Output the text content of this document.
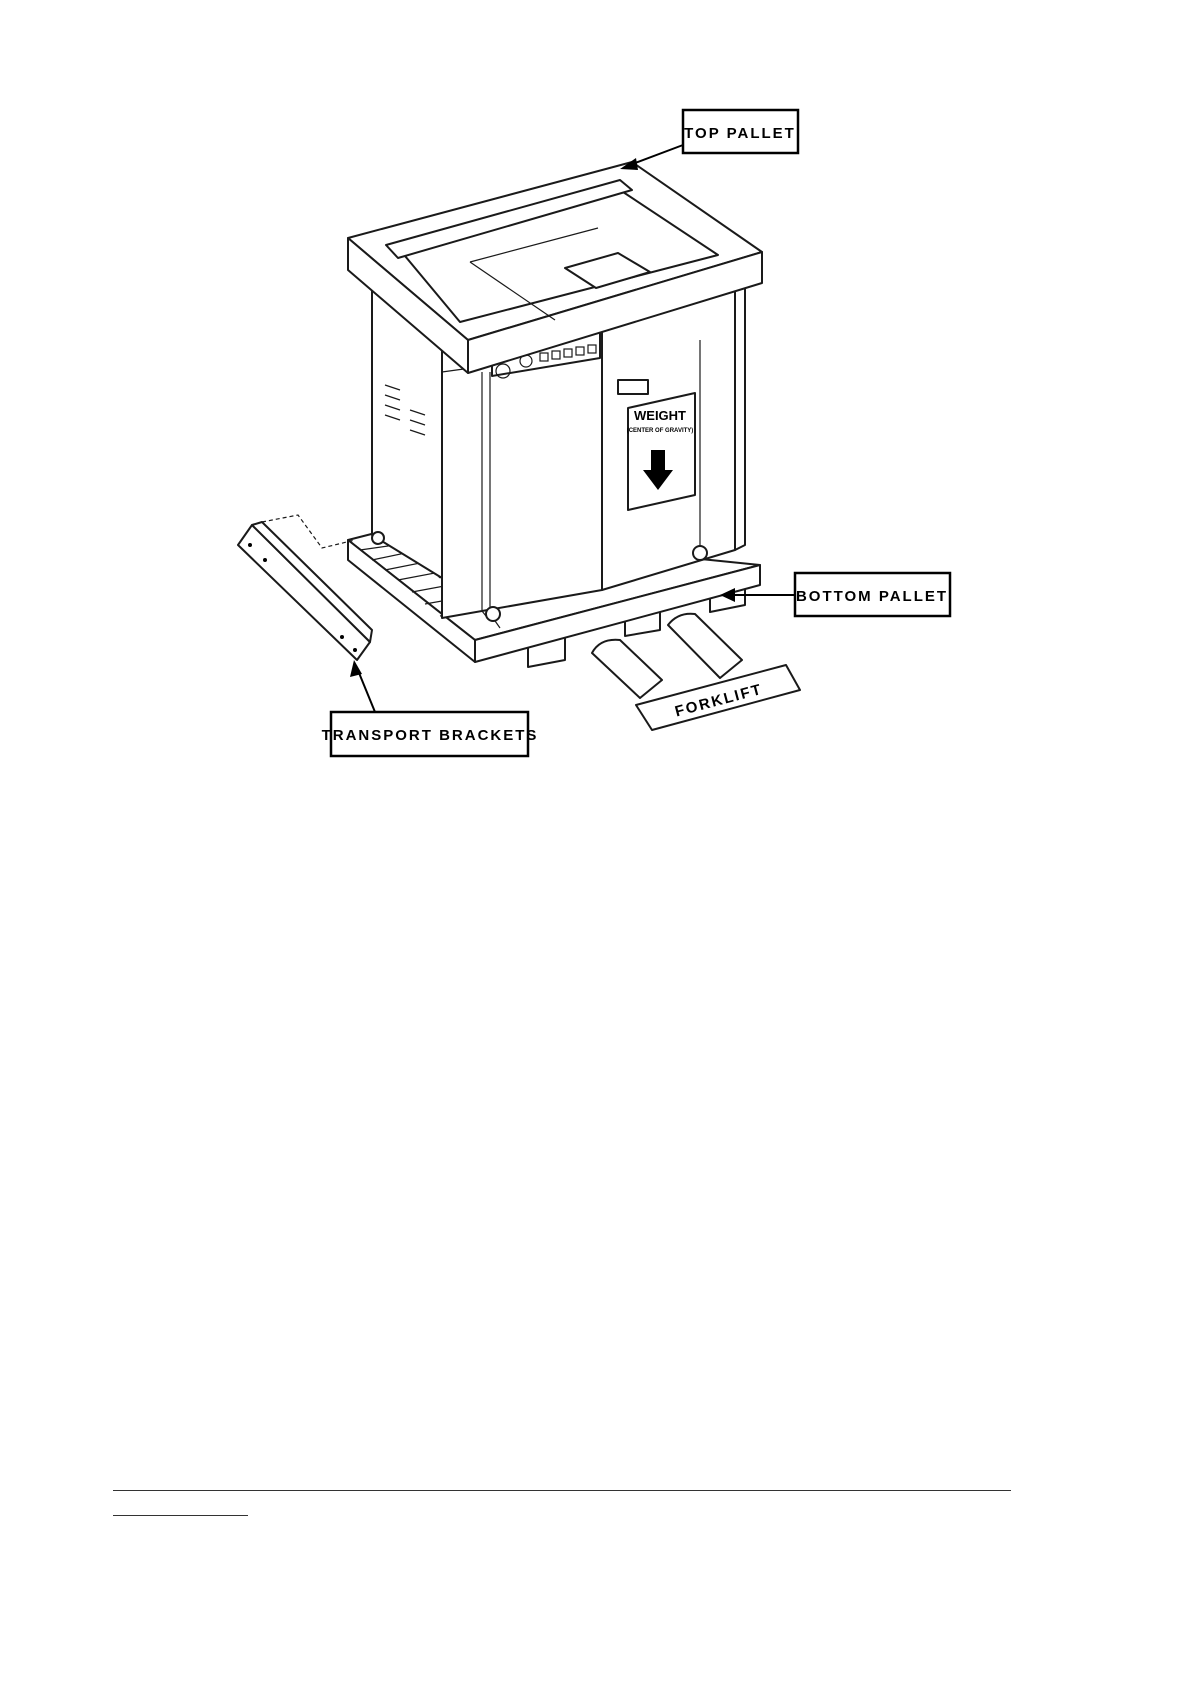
WEIGHT
(CENTER OF GRAVITY)
TOP PALLET
BOTTOM PALLET
TRANSPORT BRACKETS
FORKLIFT
